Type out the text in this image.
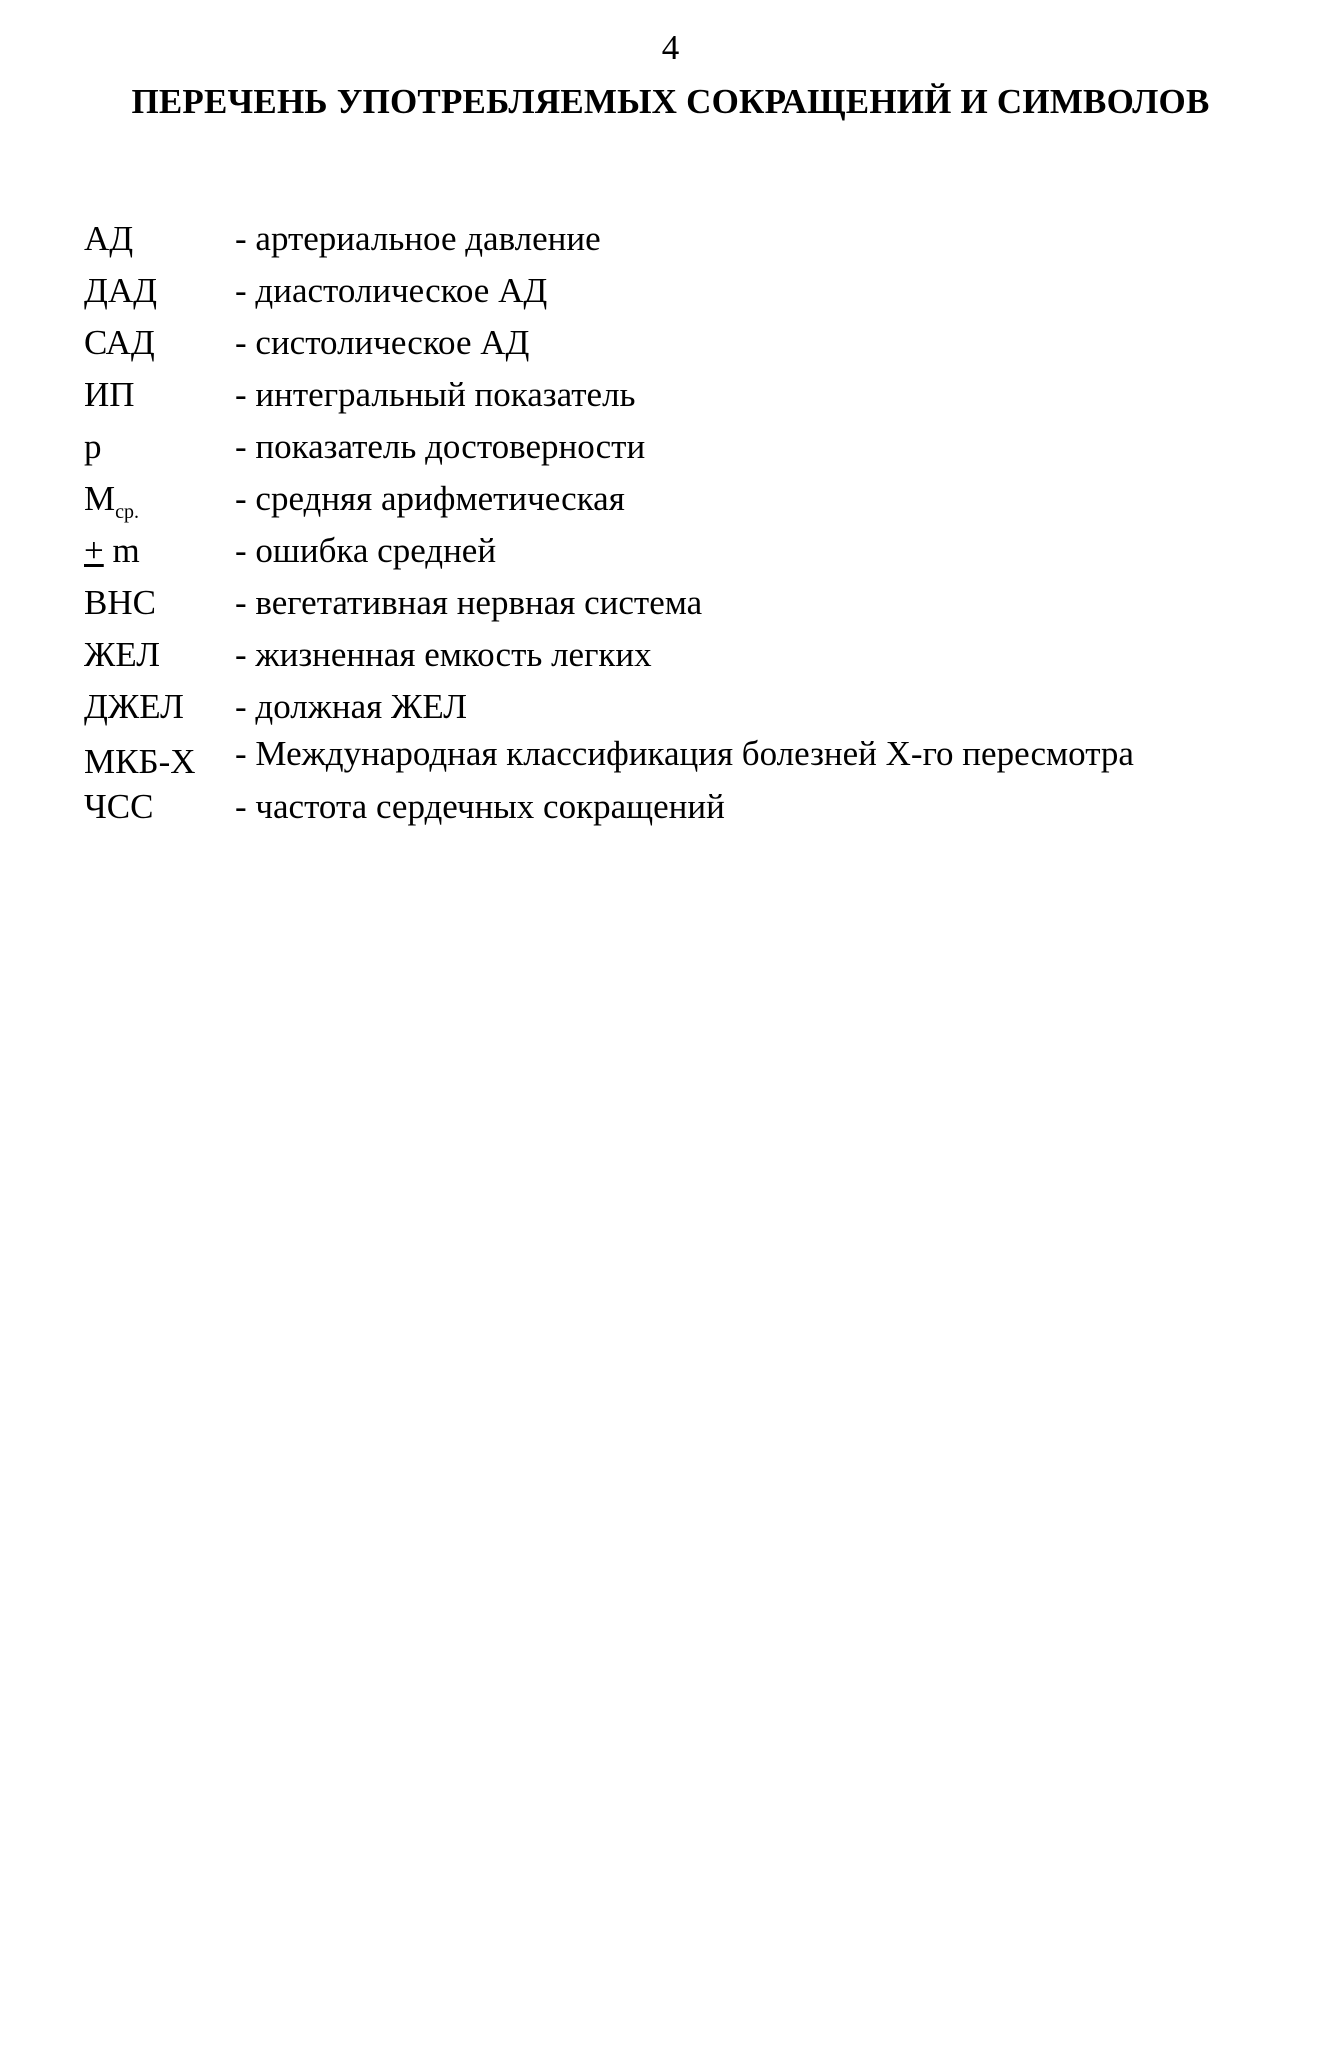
4
ПЕРЕЧЕНЬ УПОТРЕБЛЯЕМЫХ СОКРАЩЕНИЙ И СИМВОЛОВ
АД	- артериальное давление
ДАД - диастолическое АД
САД - систолическое АД
ИП	- интегральный показатель
р	- показатель достоверности
$M_{ср.}$	- средняя арифметическая
+ m	- ошибка средней
ВНС - вегетативная нервная система
ЖЕЛ - жизненная емкость легких
ДЖЕЛ - должная ЖЕЛ
МКБ-X - Международная классификация болезней X-го пересмотра
ЧСС - частота сердечных сокращений
